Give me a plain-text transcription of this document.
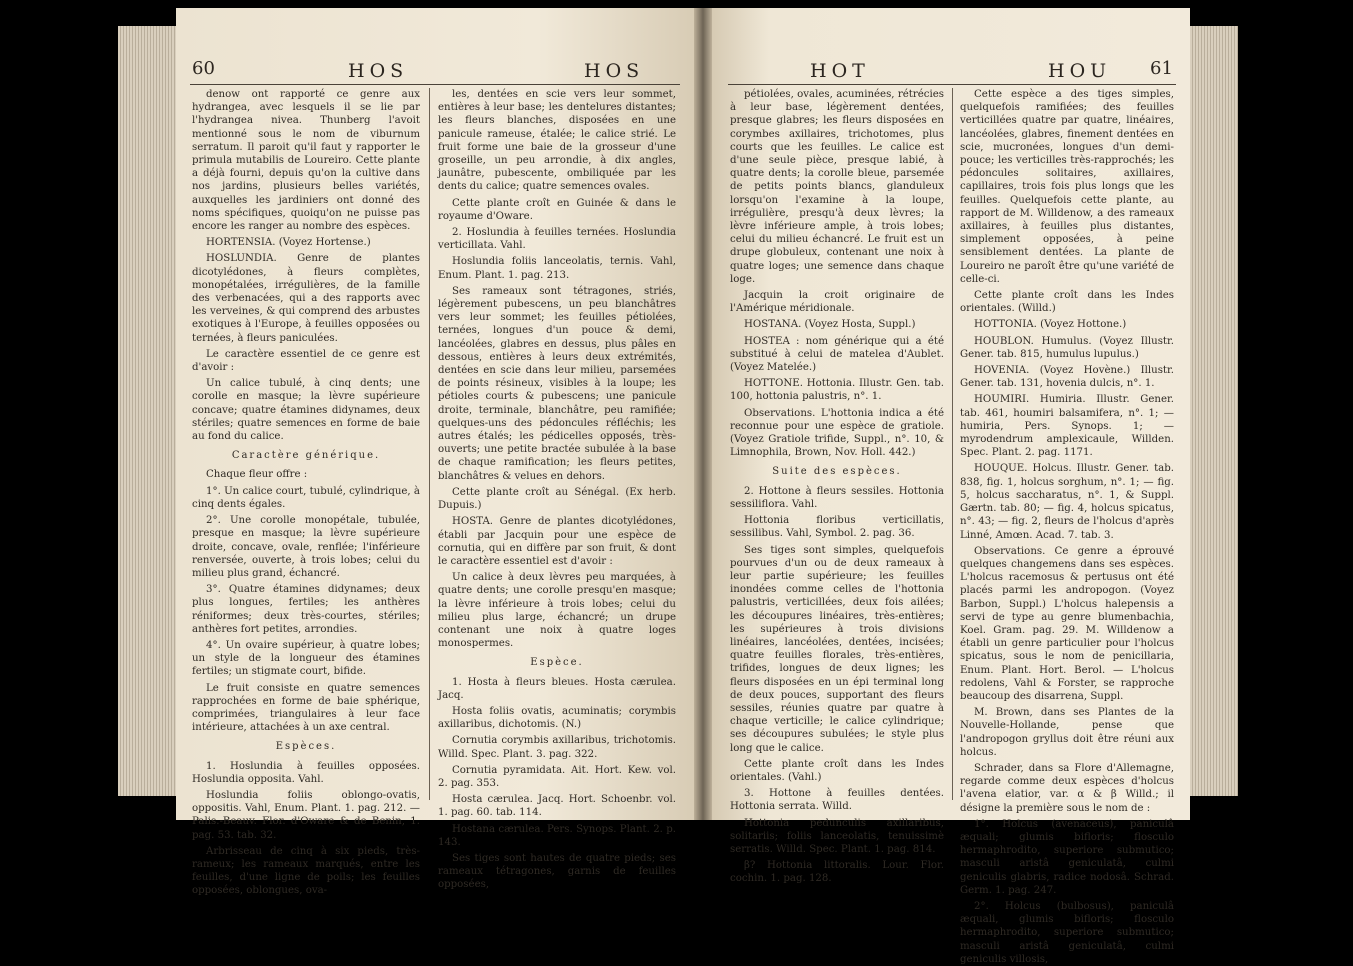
60	HOS	HOS

denow ont rapporté ce genre aux hydrangea, avec lesquels il se lie par l'hydrangea nivea. Thunberg l'avoit mentionné sous le nom de viburnum serratum. Il paroit qu'il faut y rapporter le primula mutabilis de Loureiro. Cette plante a déjà fourni, depuis qu'on la cultive dans nos jardins, plusieurs belles variétés, auxquelles les jardiniers ont donné des noms spécifiques, quoiqu'on ne puisse pas encore les ranger au nombre des espèces.

HORTENSIA. (Voyez Hortense.)

HOSLUNDIA. Genre de plantes dicotylédones, à fleurs complètes, monopétalées, irrégulières, de la famille des verbenacées, qui a des rapports avec les verveines, & qui comprend des arbustes exotiques à l'Europe, à feuilles opposées ou ternées, à fleurs paniculées.

Le caractère essentiel de ce genre est d'avoir :

Un calice tubulé, à cinq dents; une corolle en masque; la lèvre supérieure concave; quatre étamines didynames, deux stériles; quatre semences en forme de baie au fond du calice.

Caractère générique.

Chaque fleur offre :

1°. Un calice court, tubulé, cylindrique, à cinq dents égales.

2°. Une corolle monopétale, tubulée, presque en masque; la lèvre supérieure droite, concave, ovale, renflée; l'inférieure renversée, ouverte, à trois lobes; celui du milieu plus grand, échancré.

3°. Quatre étamines didynames; deux plus longues, fertiles; les anthères réniformes; deux très-courtes, stériles; anthères fort petites, arrondies.

4°. Un ovaire supérieur, à quatre lobes; un style de la longueur des étamines fertiles; un stigmate court, bifide.

Le fruit consiste en quatre semences rapprochées en forme de baie sphérique, comprimées, triangulaires à leur face intérieure, attachées à un axe central.

Espèces.

1. Hoslundia à feuilles opposées. Hoslundia opposita. Vahl.

Hoslundia foliis oblongo-ovatis, oppositis. Vahl, Enum. Plant. 1. pag. 212. — Palis.-Beauv. Flor. d'Oware & de Benin, 1. pag. 53. tab. 32.

Arbrisseau de cinq à six pieds, très-rameux; les rameaux marqués, entre les feuilles, d'une ligne de poils; les feuilles opposées, oblongues, ova-

les, dentées en scie vers leur sommet, entières à leur base; les dentelures distantes; les fleurs blanches, disposées en une panicule rameuse, étalée; le calice strié. Le fruit forme une baie de la grosseur d'une groseille, un peu arrondie, à dix angles, jaunâtre, pubescente, ombiliquée par les dents du calice; quatre semences ovales.

Cette plante croît en Guinée & dans le royaume d'Oware.

2. Hoslundia à feuilles ternées. Hoslundia verticillata. Vahl.

Hoslundia foliis lanceolatis, ternis. Vahl, Enum. Plant. 1. pag. 213.

Ses rameaux sont tétragones, striés, légèrement pubescens, un peu blanchâtres vers leur sommet; les feuilles pétiolées, ternées, longues d'un pouce & demi, lancéolées, glabres en dessus, plus pâles en dessous, entières à leurs deux extrémités, dentées en scie dans leur milieu, parsemées de points résineux, visibles à la loupe; les pétioles courts & pubescens; une panicule droite, terminale, blanchâtre, peu ramifiée; quelques-uns des pédoncules réfléchis; les autres étalés; les pédicelles opposés, très-ouverts; une petite bractée subulée à la base de chaque ramification; les fleurs petites, blanchâtres & velues en dehors.

Cette plante croît au Sénégal. (Ex herb. Dupuis.)

HOSTA. Genre de plantes dicotylédones, établi par Jacquin pour une espèce de cornutia, qui en diffère par son fruit, & dont le caractère essentiel est d'avoir :

Un calice à deux lèvres peu marquées, à quatre dents; une corolle presqu'en masque; la lèvre inférieure à trois lobes; celui du milieu plus large, échancré; un drupe contenant une noix à quatre loges monospermes.

Espèce.

1. Hosta à fleurs bleues. Hosta cærulea. Jacq.

Hosta foliis ovatis, acuminatis; corymbis axillaribus, dichotomis. (N.)

Cornutia corymbis axillaribus, trichotomis. Willd. Spec. Plant. 3. pag. 322.

Cornutia pyramidata. Ait. Hort. Kew. vol. 2. pag. 353.

Hosta cærulea. Jacq. Hort. Schoenbr. vol. 1. pag. 60. tab. 114.

Hostana cærulea. Pers. Synops. Plant. 2. p. 143.

Ses tiges sont hautes de quatre pieds; ses rameaux tétragones, garnis de feuilles opposées,

HOT	HOU 61

pétiolées, ovales, acuminées, rétrécies à leur base, légèrement dentées, presque glabres; les fleurs disposées en corymbes axillaires, trichotomes, plus courts que les feuilles. Le calice est d'une seule pièce, presque labié, à quatre dents; la corolle bleue, parsemée de petits points blancs, glanduleux lorsqu'on l'examine à la loupe, irrégulière, presqu'à deux lèvres; la lèvre inférieure ample, à trois lobes; celui du milieu échancré. Le fruit est un drupe globuleux, contenant une noix à quatre loges; une semence dans chaque loge.

Jacquin la croit originaire de l'Amérique méridionale.

HOSTANA. (Voyez Hosta, Suppl.)

HOSTEA : nom générique qui a été substitué à celui de matelea d'Aublet. (Voyez Matelée.)

HOTTONE. Hottonia. Illustr. Gen. tab. 100, hottonia palustris, n°. 1.

Observations. L'hottonia indica a été reconnue pour une espèce de gratiole. (Voyez Gratiole trifide, Suppl., n°. 10, & Limnophila, Brown, Nov. Holl. 442.)

Suite des espèces.

2. Hottone à fleurs sessiles. Hottonia sessiliflora. Vahl.

Hottonia floribus verticillatis, sessilibus. Vahl, Symbol. 2. pag. 36.

Ses tiges sont simples, quelquefois pourvues d'un ou de deux rameaux à leur partie supérieure; les feuilles inondées comme celles de l'hottonia palustris, verticillées, deux fois ailées; les découpures linéaires, très-entières; les supérieures à trois divisions linéaires, lancéolées, dentées, incisées; quatre feuilles florales, très-entières, trifides, longues de deux lignes; les fleurs disposées en un épi terminal long de deux pouces, supportant des fleurs sessiles, réunies quatre par quatre à chaque verticille; le calice cylindrique; ses découpures subulées; le style plus long que le calice.

Cette plante croît dans les Indes orientales. (Vahl.)

3. Hottone à feuilles dentées. Hottonia serrata. Willd.

Hottonia pedunculis axillaribus, solitariis; foliis lanceolatis, tenuissimè serratis. Willd. Spec. Plant. 1. pag. 814.

β? Hottonia littoralis. Lour. Flor. cochin. 1. pag. 128.

Cette espèce a des tiges simples, quelquefois ramifiées; des feuilles verticillées quatre par quatre, linéaires, lancéolées, glabres, finement dentées en scie, mucronées, longues d'un demi-pouce; les verticilles très-rapprochés; les pédoncules solitaires, axillaires, capillaires, trois fois plus longs que les feuilles. Quelquefois cette plante, au rapport de M. Willdenow, a des rameaux axillaires, à feuilles plus distantes, simplement opposées, à peine sensiblement dentées. La plante de Loureiro ne paroît être qu'une variété de celle-ci.

Cette plante croît dans les Indes orientales. (Willd.)

HOTTONIA. (Voyez Hottone.)

HOUBLON. Humulus. (Voyez Illustr. Gener. tab. 815, humulus lupulus.)

HOVENIA. (Voyez Hovène.) Illustr. Gener. tab. 131, hovenia dulcis, n°. 1.

HOUMIRI. Humiria. Illustr. Gener. tab. 461, houmiri balsamifera, n°. 1; — humiria, Pers. Synops. 1; — myrodendrum amplexicaule, Willden. Spec. Plant. 2. pag. 1171.

HOUQUE. Holcus. Illustr. Gener. tab. 838, fig. 1, holcus sorghum, n°. 1; — fig. 5, holcus saccharatus, n°. 1, & Suppl. Gærtn. tab. 80; — fig. 4, holcus spicatus, n°. 43; — fig. 2, fleurs de l'holcus d'après Linné, Amœn. Acad. 7. tab. 3.

Observations. Ce genre a éprouvé quelques changemens dans ses espèces. L'holcus racemosus & pertusus ont été placés parmi les andropogon. (Voyez Barbon, Suppl.) L'holcus halepensis a servi de type au genre blumenbachia, Koel. Gram. pag. 29. M. Willdenow a établi un genre particulier pour l'holcus spicatus, sous le nom de penicillaria, Enum. Plant. Hort. Berol. — L'holcus redolens, Vahl & Forster, se rapproche beaucoup des disarrena, Suppl.

M. Brown, dans ses Plantes de la Nouvelle-Hollande, pense que l'andropogon gryllus doit être réuni aux holcus.

Schrader, dans sa Flore d'Allemagne, regarde comme deux espèces d'holcus l'avena elatior, var. α & β Willd.; il désigne la première sous le nom de :

1°. Holcus (avenaceus), paniculâ æquali; glumis bifloris; flosculo hermaphrodito, superiore submutico; masculi aristâ geniculatâ, culmi geniculis glabris, radice nodosâ. Schrad. Germ. 1. pag. 247.

2°. Holcus (bulbosus), paniculâ æquali, glumis bifloris; flosculo hermaphrodito, superiore submutico; masculi aristâ geniculatâ, culmi geniculis villosis,
